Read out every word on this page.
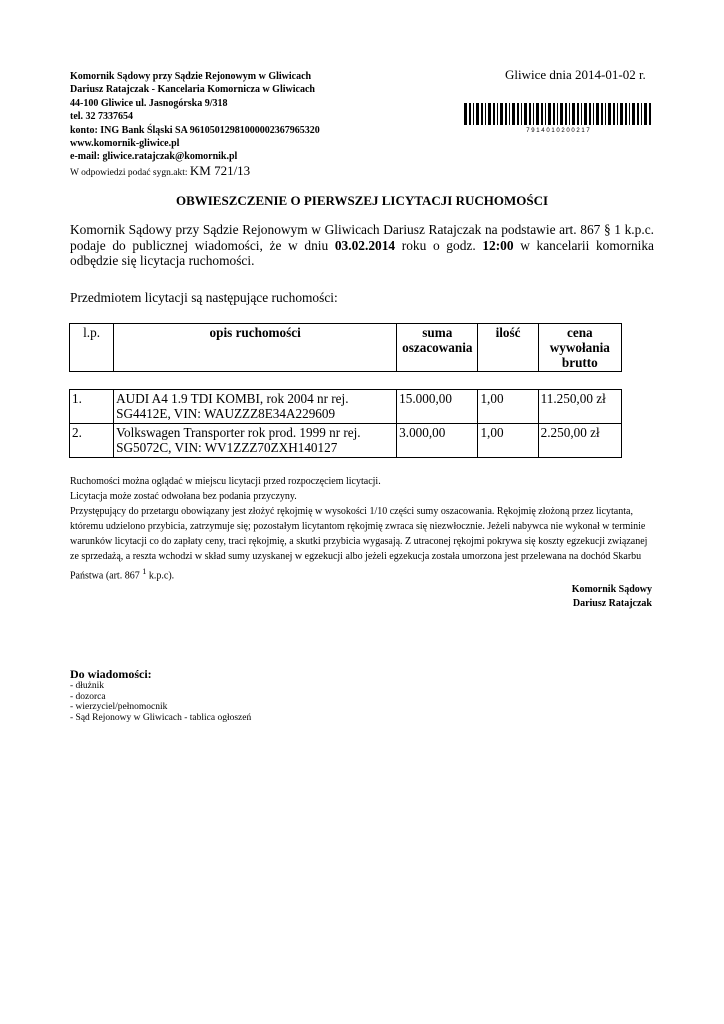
Komornik Sądowy przy Sądzie Rejonowym w Gliwicach
Dariusz Ratajczak - Kancelaria Komornicza w Gliwicach
44-100 Gliwice ul. Jasnogórska 9/318
tel. 32 7337654
konto: ING Bank Śląski SA 96105012981000002367965320
www.komornik-gliwice.pl
e-mail: gliwice.ratajczak@komornik.pl
W odpowiedzi podać sygn.akt: KM 721/13
Gliwice dnia 2014-01-02 r.
7 9 1 4 0 1 0 2 0 0 2 1 7
OBWIESZCZENIE O PIERWSZEJ LICYTACJI RUCHOMOŚCI
Komornik Sądowy przy Sądzie Rejonowym w Gliwicach Dariusz Ratajczak na podstawie art. 867 § 1 k.p.c. podaje do publicznej wiadomości, że w dniu 03.02.2014 roku o godz. 12:00 w kancelarii komornika odbędzie się licytacja ruchomości.
Przedmiotem licytacji są następujące ruchomości:
l.p.	opis ruchomości	suma oszacowania	ilość	cena wywołania brutto
1.	AUDI A4 1.9 TDI KOMBI, rok 2004 nr rej. SG4412E, VIN: WAUZZZ8E34A229609	15.000,00	1,00	11.250,00 zł
2.	Volkswagen Transporter rok prod. 1999 nr rej. SG5072C, VIN: WV1ZZZ70ZXH140127	3.000,00	1,00	2.250,00 zł

Ruchomości można oglądać w miejscu licytacji przed rozpoczęciem licytacji.

Licytacja może zostać odwołana bez podania przyczyny.

Przystępujący do przetargu obowiązany jest złożyć rękojmię w wysokości 1/10 części sumy oszacowania. Rękojmię złożoną przez licytanta, któremu udzielono przybicia, zatrzymuje się; pozostałym licytantom rękojmię zwraca się niezwłocznie. Jeżeli nabywca nie wykonał w terminie warunków licytacji co do zapłaty ceny, traci rękojmię, a skutki przybicia wygasają. Z utraconej rękojmi pokrywa się koszty egzekucji związanej ze sprzedażą, a reszta wchodzi w skład sumy uzyskanej w egzekucji albo jeżeli egzekucja została umorzona jest przelewana na dochód Skarbu Państwa (art. 867 $^1$ k.p.c).

Komornik Sądowy
Dariusz Ratajczak
Do wiadomości:
- dłużnik
- dozorca
- wierzyciel/pełnomocnik
- Sąd Rejonowy w Gliwicach - tablica ogłoszeń
